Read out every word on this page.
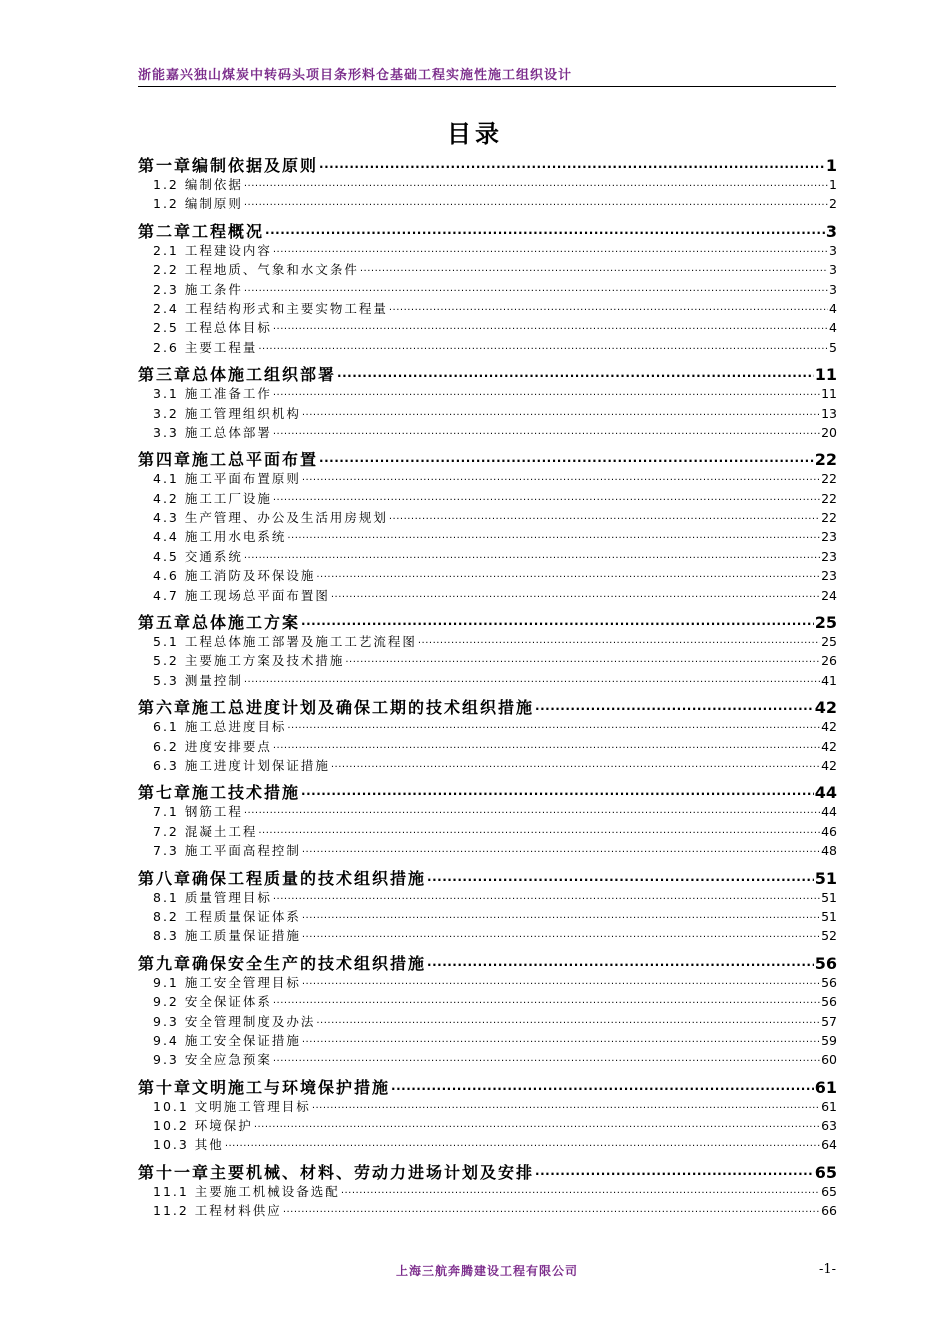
浙能嘉兴独山煤炭中转码头项目条形料仓基础工程实施性施工组织设计
目录
第一章编制依据及原则 .....	1
1.2 编制依据 .....	1
1.2 编制原则 .....	2
第二章工程概况 .....	3
2.1 工程建设内容 .....	3
2.2 工程地质、气象和水文条件 .....	3
2.3 施工条件 .....	3
2.4 工程结构形式和主要实物工程量 .....	4
2.5 工程总体目标 .....	4
2.6 主要工程量 .....	5
第三章总体施工组织部署 .....	11
3.1 施工准备工作 .....	11
3.2 施工管理组织机构 .....	13
3.3 施工总体部署 .....	20
第四章施工总平面布置 .....	22
4.1 施工平面布置原则 .....	22
4.2 施工工厂设施 .....	22
4.3 生产管理、办公及生活用房规划 .....	22
4.4 施工用水电系统 .....	23
4.5 交通系统 .....	23
4.6 施工消防及环保设施 .....	23
4.7 施工现场总平面布置图 .....	24
第五章总体施工方案 .....	25
5.1 工程总体施工部署及施工工艺流程图 .....	25
5.2 主要施工方案及技术措施 .....	26
5.3 测量控制 .....	41
第六章施工总进度计划及确保工期的技术组织措施 .....	42
6.1 施工总进度目标 .....	42
6.2 进度安排要点 .....	42
6.3 施工进度计划保证措施 .....	42
第七章施工技术措施 .....	44
7.1 钢筋工程 .....	44
7.2 混凝土工程 .....	46
7.3 施工平面高程控制 .....	48
第八章确保工程质量的技术组织措施 .....	51
8.1 质量管理目标 .....	51
8.2 工程质量保证体系 .....	51
8.3 施工质量保证措施 .....	52
第九章确保安全生产的技术组织措施 .....	56
9.1 施工安全管理目标 .....	56
9.2 安全保证体系 .....	56
9.3 安全管理制度及办法 .....	57
9.4 施工安全保证措施 .....	59
9.3 安全应急预案 .....	60
第十章文明施工与环境保护措施 .....	61
10.1 文明施工管理目标 .....	61
10.2 环境保护 .....	63
10.3 其他 .....	64
第十一章主要机械、材料、劳动力进场计划及安排 .....	65
11.1 主要施工机械设备选配 .....	65
11.2 工程材料供应 .....	66
上海三航奔腾建设工程有限公司	-1-
